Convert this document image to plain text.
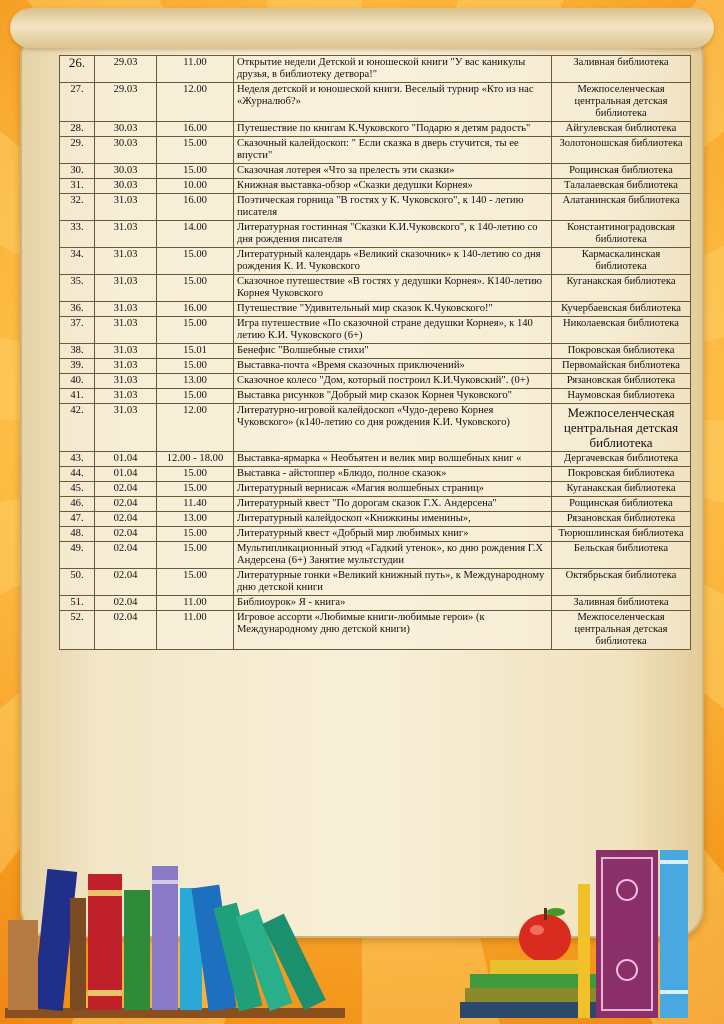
26.	29.03	11.00	Открытие недели Детской и юношеской книги "У вас каникулы друзья, в библиотеку детвора!"	Заливная библиотека
27.	29.03	12.00	Неделя детской и юношеской книги. Веселый турнир «Кто из нас «Журналюб?»	Межпоселенческая центральная детская библиотека
28.	30.03	16.00	Путешествие по книгам К.Чуковского "Подарю я детям радость"	Айгулевская библиотека
29.	30.03	15.00	Сказочный калейдоскоп: " Если сказка в дверь стучится, ты ее впусти"	Золотоношская библиотека
30.	30.03	15.00	Сказочная лотерея «Что за прелесть эти сказки»	Рощинская библиотека
31.	30.03	10.00	Книжная выставка-обзор «Сказки дедушки Корнея»	Талалаевская библиотека
32.	31.03	16.00	Поэтическая горница "В гостях у К. Чуковского", к 140 - летию писателя	Алатанинская библиотека
33.	31.03	14.00	Литературная гостинная "Сказки К.И.Чуковского", к 140-летию со дня рождения писателя	Константиноградовская библиотека
34.	31.03	15.00	Литературный календарь «Великий сказочник» к 140-летию со дня рождения К. И. Чуковского	Кармаскалинская библиотека
35.	31.03	15.00	Сказочное путешествие «В гостях у дедушки Корнея». К140-летию Корнея Чуковского	Куганакская библиотека
36.	31.03	16.00	Путешествие "Удивительный мир сказок К.Чуковского!"	Кучербаевская библиотека
37.	31.03	15.00	Игра путешествие «По сказочной стране дедушки Корнея», к 140 летию К.И. Чуковского (6+)	Николаевская библиотека
38.	31.03	15.01	Бенефис "Волшебные стихи"	Покровская библиотека
39.	31.03	15.00	Выставка-почта «Время сказочных приключений»	Первомайская библиотека
40.	31.03	13.00	Сказочное колесо "Дом, который построил К.И.Чуковский". (0+)	Рязановская библиотека
41.	31.03	15.00	Выставка рисунков "Добрый мир сказок Корнея Чуковского"	Наумовская библиотека
42.	31.03	12.00	Литературно-игровой калейдоскоп «Чудо-дерево Корнея Чуковского» (к140-летию со дня рождения К.И. Чуковского)	Межпоселенческая центральная детская библиотека
43.	01.04	12.00 - 18.00	Выставка-ярмарка « Необъятен и велик мир волшебных книг «	Дергачевская библиотека
44.	01.04	15.00	Выставка - айстоппер «Блюдо, полное сказок»	Покровская библиотека
45.	02.04	15.00	Литературный вернисаж «Магия волшебных страниц»	Куганакская библиотека
46.	02.04	11.40	Литературный квест "По дорогам сказок Г.Х. Андерсена"	Рощинская библиотека
47.	02.04	13.00	Литературный калейдоскоп «Книжкины именины»,	Рязановская библиотека
48.	02.04	15.00	Литературный квест «Добрый мир любимых книг»	Тюрюшлинская библиотека
49.	02.04	15.00	Мультипликационный этюд «Гадкий утенок», ко дню рождения Г.Х Андерсена (6+) Занятие мультстудии	Бельская библиотека
50.	02.04	15.00	Литературные гонки «Великий книжный путь», к Международному дню детской книги	Октябрьская библиотека
51.	02.04	11.00	Библиоурок» Я - книга»	Заливная библиотека
52.	02.04	11.00	Игровое ассорти «Любимые книги-любимые герои» (к Международному дню детской книги)	Межпоселенческая центральная детская библиотека
